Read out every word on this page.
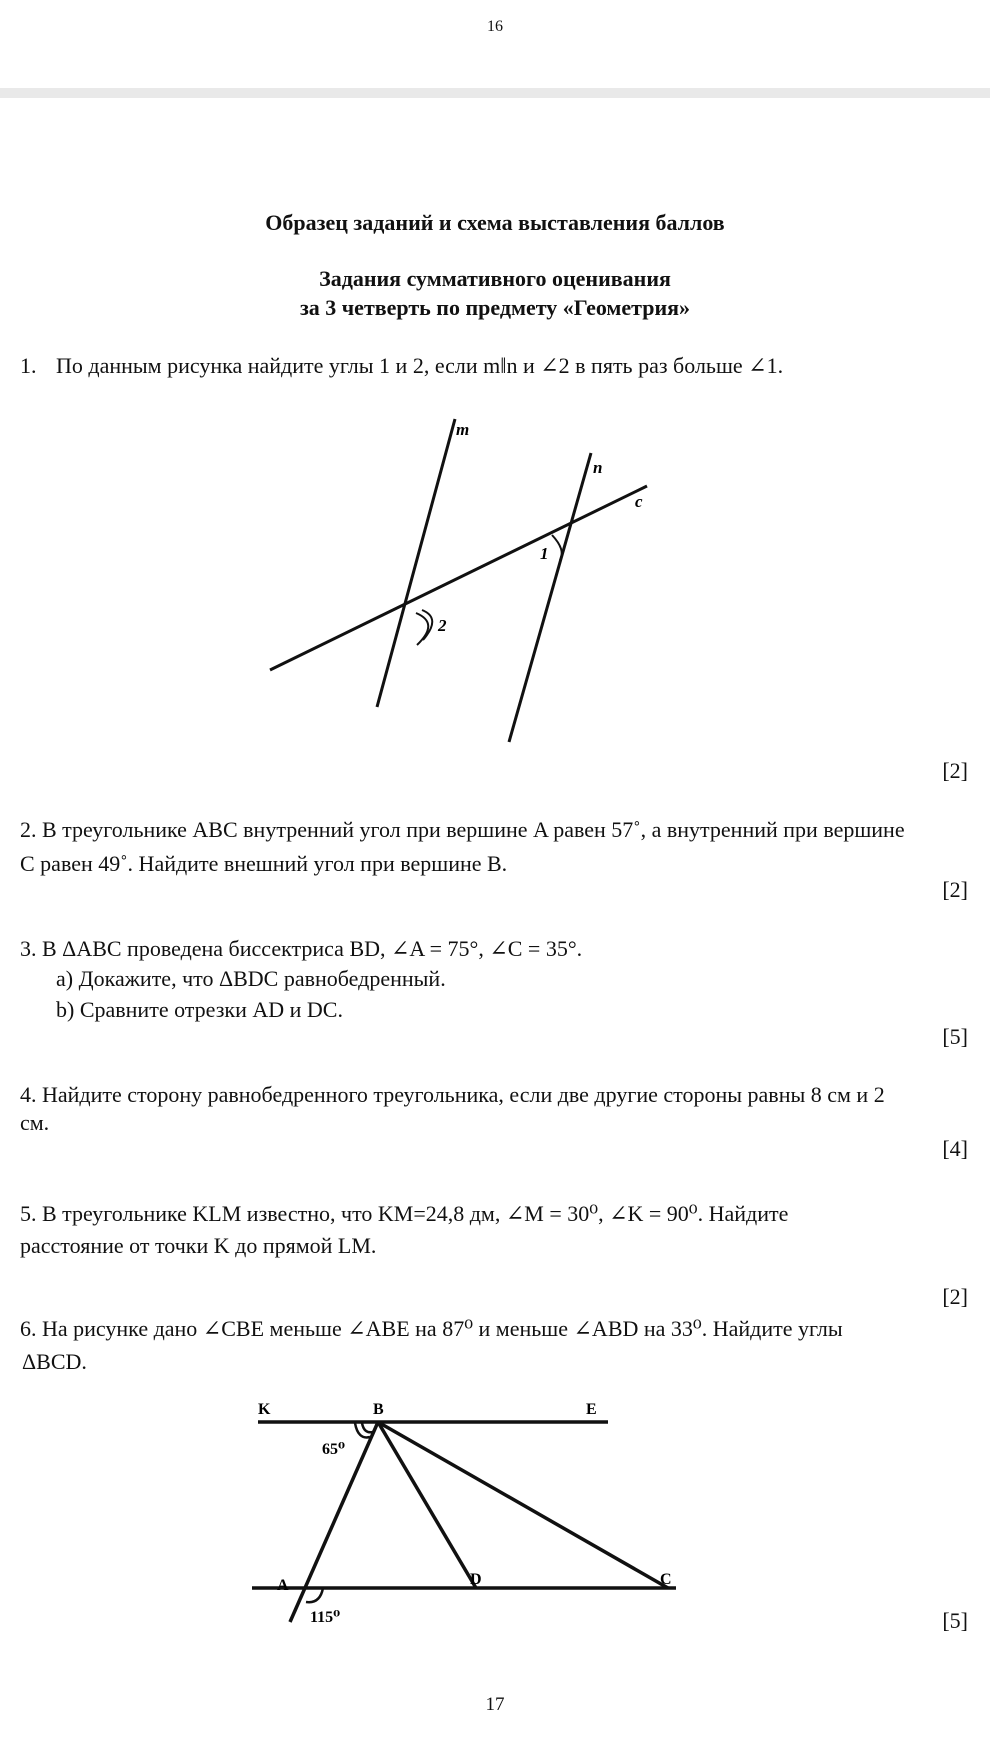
16
Образец заданий и схема выставления баллов
Задания суммативного оценивания
за 3 четверть по предмету «Геометрия»
1. По данным рисунка найдите углы 1 и 2, если m‖n и ∠2 в пять раз больше ∠1.
m
n
c
1
2
[2]
2. В треугольнике ABC внутренний угол при вершине A равен 57˚, а внутренний при вершине
C равен 49˚. Найдите внешний угол при вершине B.
[2]
3. В ΔABC проведена биссектриса BD, ∠A = 75°, ∠C = 35°.
a) Докажите, что ΔBDC равнобедренный.
b) Сравните отрезки AD и DC.
[5]
4. Найдите сторону равнобедренного треугольника, если две другие стороны равны 8 см и 2
см.
[4]
5. В треугольнике KLM известно, что KM=24,8 дм, ∠M = 30⁰, ∠K = 90⁰. Найдите
расстояние от точки K до прямой LM.
[2]
6. На рисунке дано ∠CBE меньше ∠ABE на 87⁰ и меньше ∠ABD на 33⁰. Найдите углы
ΔBCD.
K	B	E
65⁰
A	D	C
115⁰	[5]
17
